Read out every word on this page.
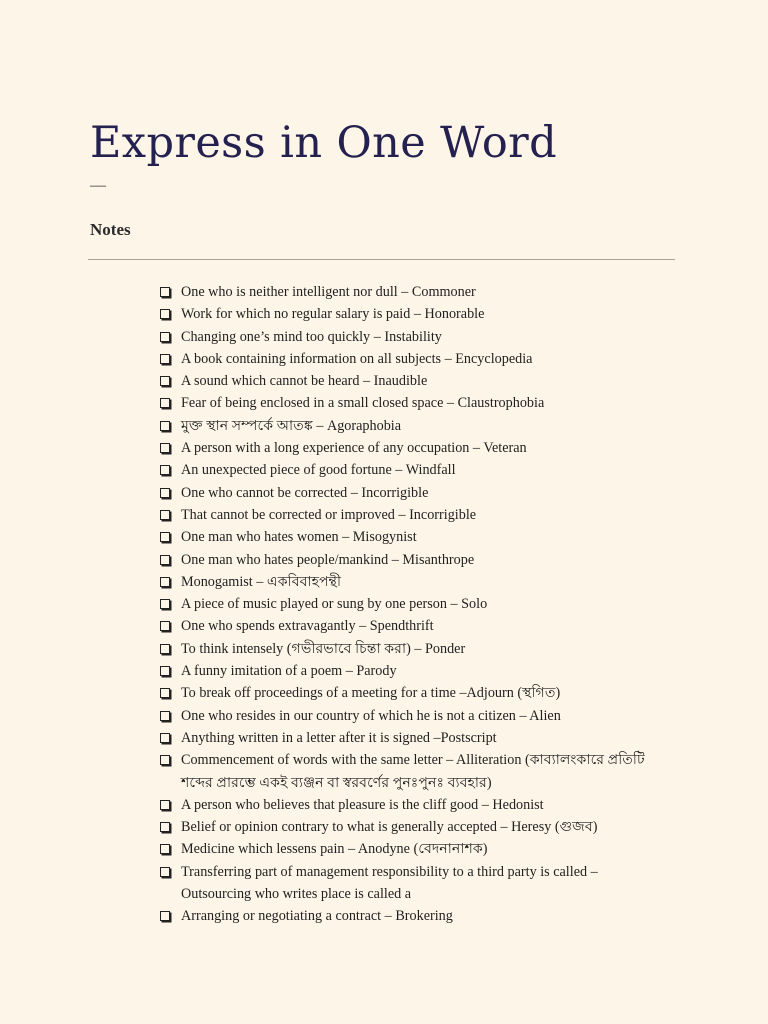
Express in One Word
—
Notes
One who is neither intelligent nor dull – Commoner
Work for which no regular salary is paid – Honorable
Changing one’s mind too quickly – Instability
A book containing information on all subjects – Encyclopedia
A sound which cannot be heard – Inaudible
Fear of being enclosed in a small closed space – Claustrophobia
মুক্ত স্থান সম্পর্কে আতঙ্ক – Agoraphobia
A person with a long experience of any occupation – Veteran
An unexpected piece of good fortune – Windfall
One who cannot be corrected – Incorrigible
That cannot be corrected or improved – Incorrigible
One man who hates women – Misogynist
One man who hates people/mankind – Misanthrope
Monogamist – একবিবাহপন্থী
A piece of music played or sung by one person – Solo
One who spends extravagantly – Spendthrift
To think intensely (গভীরভাবে চিন্তা করা) – Ponder
A funny imitation of a poem – Parody
To break off proceedings of a meeting for a time –Adjourn (স্থগিত)
One who resides in our country of which he is not a citizen – Alien
Anything written in a letter after it is signed –Postscript
Commencement of words with the same letter – Alliteration (কাব্যালংকারে প্রতিটি শব্দের প্রারম্ভে একই ব্যঞ্জন বা স্বরবর্ণের পুনঃপুনঃ ব্যবহার)
A person who believes that pleasure is the cliff good – Hedonist
Belief or opinion contrary to what is generally accepted – Heresy (গুজব)
Medicine which lessens pain – Anodyne (বেদনানাশক)
Transferring part of management responsibility to a third party is called – Outsourcing who writes place is called a
Arranging or negotiating a contract – Brokering
